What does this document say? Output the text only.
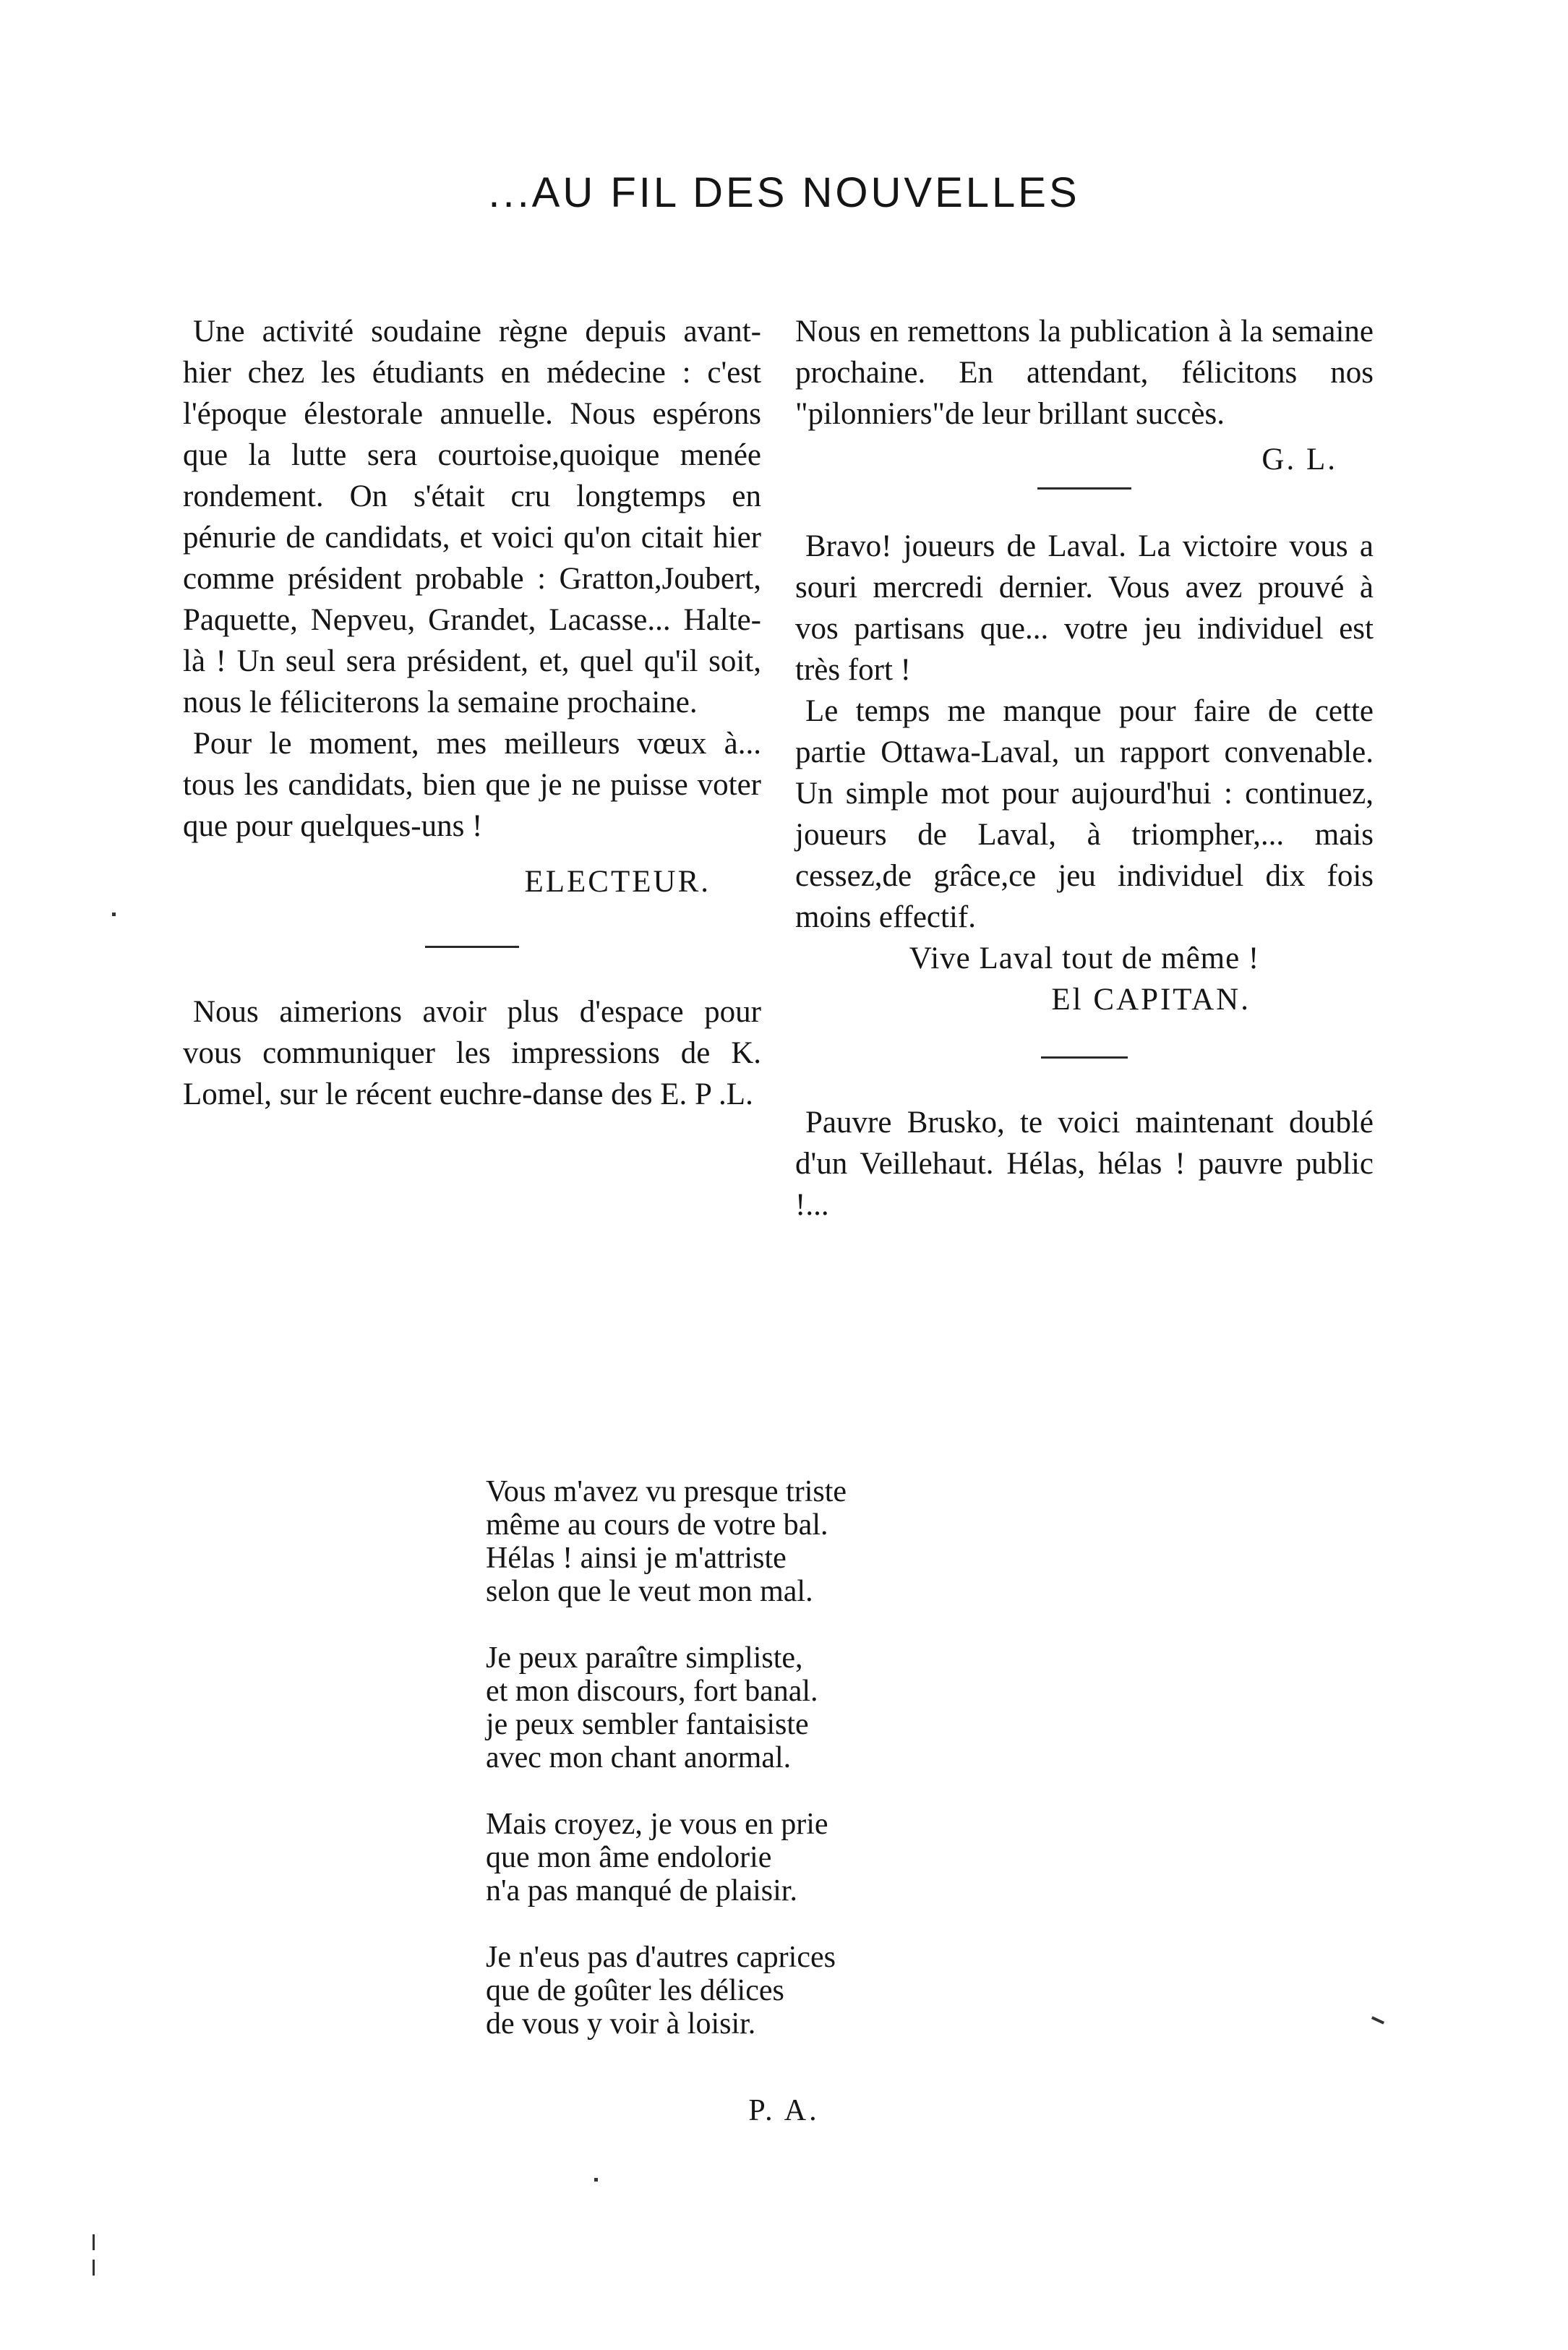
...AU FIL DES NOUVELLES

Une activité soudaine règne depuis avant-hier chez les étudiants en médecine : c'est l'époque élestorale annuelle. Nous espérons que la lutte sera courtoise,quoique menée rondement. On s'était cru longtemps en pénurie de candidats, et voici qu'on citait hier comme président probable : Gratton,Joubert, Paquette, Nepveu, Grandet, Lacasse... Halte-là ! Un seul sera président, et, quel qu'il soit, nous le féliciterons la semaine prochaine.

Pour le moment, mes meilleurs vœux à... tous les candidats, bien que je ne puisse voter que pour quelques-uns !

ELECTEUR.

Nous aimerions avoir plus d'espace pour vous communiquer les impressions de K. Lomel, sur le récent euchre-danse des E. P .L.

Nous en remettons la publication à la semaine prochaine. En attendant, félicitons nos "pilonniers"de leur brillant succès.

G. L.

Bravo! joueurs de Laval. La victoire vous a souri mercredi dernier. Vous avez prouvé à vos partisans que... votre jeu individuel est très fort !

Le temps me manque pour faire de cette partie Ottawa-Laval, un rapport convenable. Un simple mot pour aujourd'hui : continuez, joueurs de Laval, à triompher,... mais cessez,de grâce,ce jeu individuel dix fois moins effectif.

Vive Laval tout de même !

El CAPITAN.

Pauvre Brusko, te voici maintenant doublé d'un Veillehaut. Hélas, hélas ! pauvre public !...

Vous m'avez vu presque triste
même au cours de votre bal.
Hélas ! ainsi je m'attriste
selon que le veut mon mal.
Je peux paraître simpliste,
et mon discours, fort banal.
je peux sembler fantaisiste
avec mon chant anormal.
Mais croyez, je vous en prie
que mon âme endolorie
n'a pas manqué de plaisir.
Je n'eus pas d'autres caprices
que de goûter les délices
de vous y voir à loisir.
P. A.
